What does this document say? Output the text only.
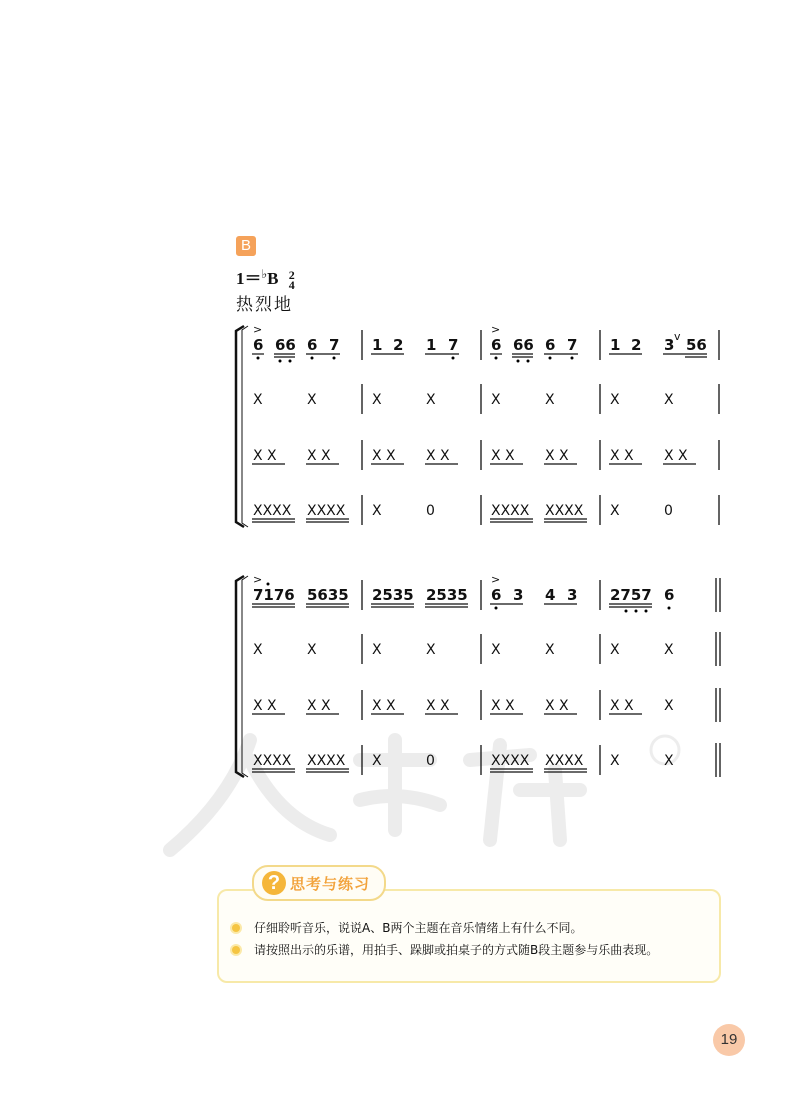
B
1＝♭B 2
4
热烈地
>
6 66 6 7 1 2 1 7
>
6 66 6 7 1 2 3 v 56
X	X	X	X	X	X	X	X
X X X X	X X X X	X X X X	X X X X
XXXX XXXX X	0	XXXX XXXX X	0
>
7176 5635 2535 2535
>
6 3 4 3 2757 6
X	X	X	X	X	X	X	X
X X X X	X X X X	X X X X	X X X
XXXX XXXX X	0	XXXX XXXX X	X
? 思考与练习
仔细聆听音乐，说说A、B两个主题在音乐情绪上有什么不同。
请按照出示的乐谱，用拍手、跺脚或拍桌子的方式随B段主题参与乐曲表现。
19
